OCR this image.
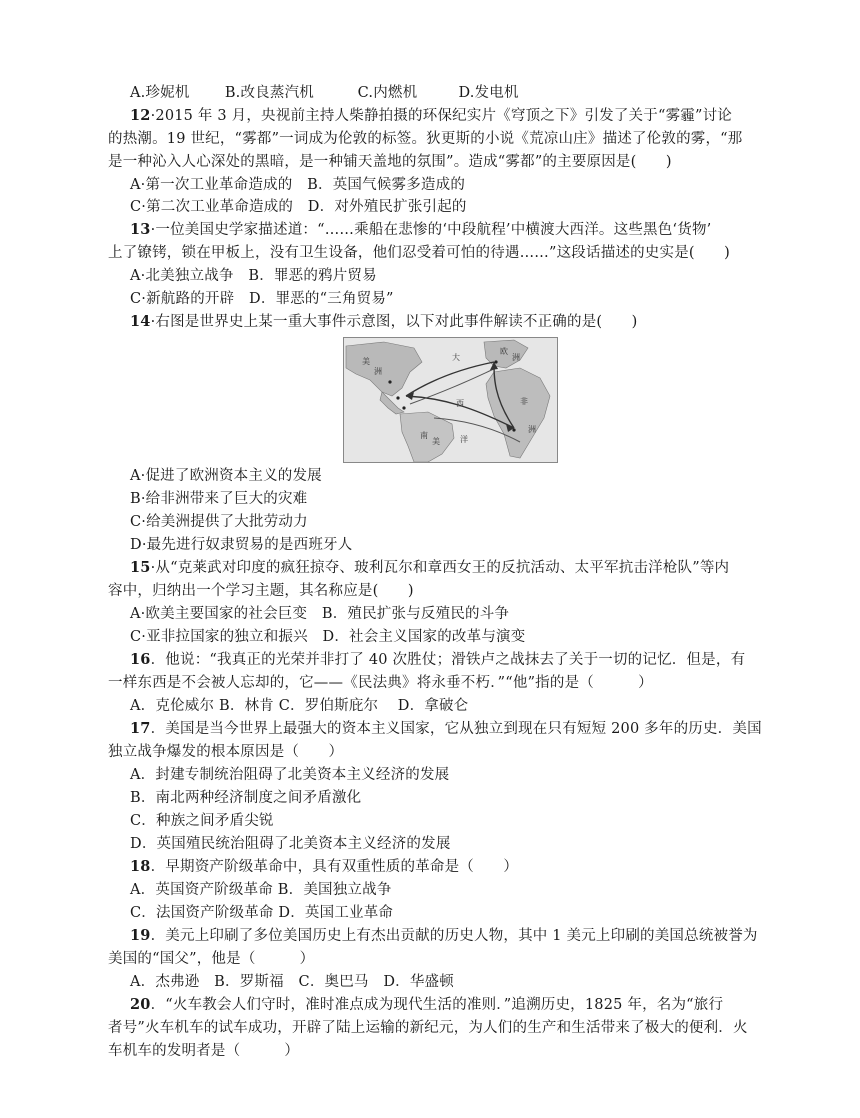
A.珍妮机 B.改良蒸汽机	C.内燃机	D.发电机
12·2015 年 3 月，央视前主持人柴静拍摄的环保纪实片《穹顶之下》引发了关于“雾霾”讨论
的热潮。19 世纪，“雾都”一词成为伦敦的标签。狄更斯的小说《荒凉山庄》描述了伦敦的雾，“那
是一种沁入人心深处的黑暗，是一种铺天盖地的氛围”。造成“雾都”的主要原因是(　　)
A·第一次工业革命造成的　B．英国气候雾多造成的
C·第二次工业革命造成的　D．对外殖民扩张引起的
13·一位美国史学家描述道：“……乘船在悲惨的‘中段航程’中横渡大西洋。这些黑色‘货物’
上了镣铐，锁在甲板上，没有卫生设备，他们忍受着可怕的待遇……”这段话描述的史实是(　　)
A·北美独立战争　B．罪恶的鸦片贸易
C·新航路的开辟　D．罪恶的“三角贸易”
14·右图是世界史上某一重大事件示意图，以下对此事件解读不正确的是(　　)
大
西
洋
非
洲
欧
洲
美
洲
南
美
A·促进了欧洲资本主义的发展
B·给非洲带来了巨大的灾难
C·给美洲提供了大批劳动力
D·最先进行奴隶贸易的是西班牙人
15·从“克莱武对印度的疯狂掠夺、玻利瓦尔和章西女王的反抗活动、太平军抗击洋枪队”等内
容中，归纳出一个学习主题，其名称应是(　　)
A·欧美主要国家的社会巨变　B．殖民扩张与反殖民的斗争
C·亚非拉国家的独立和振兴　D．社会主义国家的改革与演变
16．他说：“我真正的光荣并非打了 40 次胜仗；滑铁卢之战抹去了关于一切的记忆．但是，有
一样东西是不会被人忘却的，它——《民法典》将永垂不朽．”“他”指的是（　　　）
A．克伦威尔 B．林肯 C．罗伯斯庇尔　 D．拿破仑
17．美国是当今世界上最强大的资本主义国家，它从独立到现在只有短短 200 多年的历史．美国
独立战争爆发的根本原因是（　　）
A．封建专制统治阻碍了北美资本主义经济的发展
B．南北两种经济制度之间矛盾激化
C．种族之间矛盾尖锐
D．英国殖民统治阻碍了北美资本主义经济的发展
18．早期资产阶级革命中，具有双重性质的革命是（　　）
A．英国资产阶级革命 B．美国独立战争
C．法国资产阶级革命 D．英国工业革命
19．美元上印刷了多位美国历史上有杰出贡献的历史人物，其中 1 美元上印刷的美国总统被誉为
美国的“国父”，他是（　　　）
A．杰弗逊　B．罗斯福　C．奥巴马　D．华盛顿
20．“火车教会人们守时，准时准点成为现代生活的准则．”追溯历史，1825 年，名为“旅行
者号”火车机车的试车成功，开辟了陆上运输的新纪元，为人们的生产和生活带来了极大的便利．火
车机车的发明者是（　　　）
